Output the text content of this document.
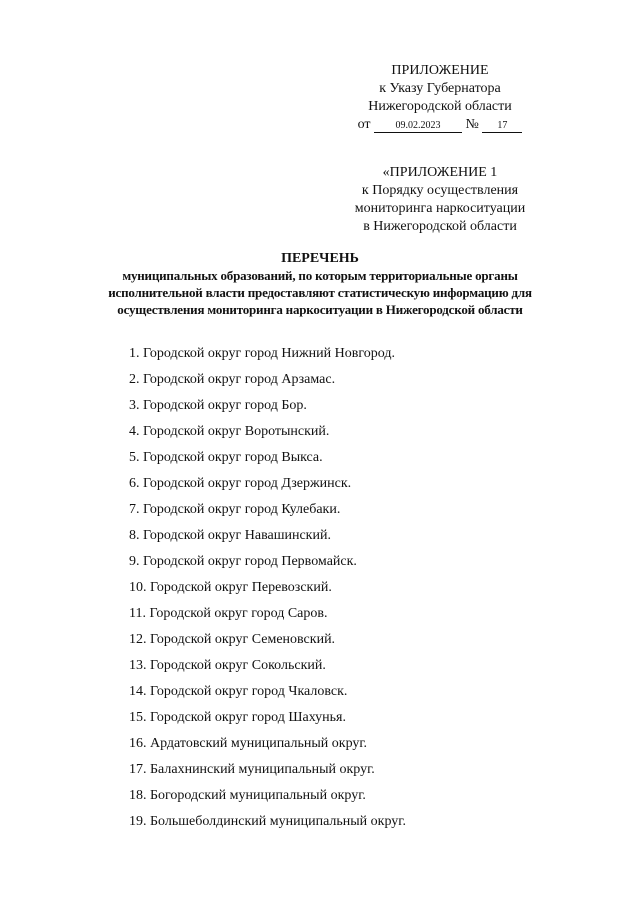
ПРИЛОЖЕНИЕ
к Указу Губернатора
Нижегородской области
от	09.02.2023 № 17
«ПРИЛОЖЕНИЕ 1
к Порядку осуществления
мониторинга наркоситуации
в Нижегородской области
ПЕРЕЧЕНЬ
муниципальных образований, по которым территориальные органы
исполнительной власти предоставляют статистическую информацию для
осуществления мониторинга наркоситуации в Нижегородской области
1. Городской округ город Нижний Новгород.
2. Городской округ город Арзамас.
3. Городской округ город Бор.
4. Городской округ Воротынский.
5. Городской округ город Выкса.
6. Городской округ город Дзержинск.
7. Городской округ город Кулебаки.
8. Городской округ Навашинский.
9. Городской округ город Первомайск.
10. Городской округ Перевозский.
11. Городской округ город Саров.
12. Городской округ Семеновский.
13. Городской округ Сокольский.
14. Городской округ город Чкаловск.
15. Городской округ город Шахунья.
16. Ардатовский муниципальный округ.
17. Балахнинский муниципальный округ.
18. Богородский муниципальный округ.
19. Большеболдинский муниципальный округ.
